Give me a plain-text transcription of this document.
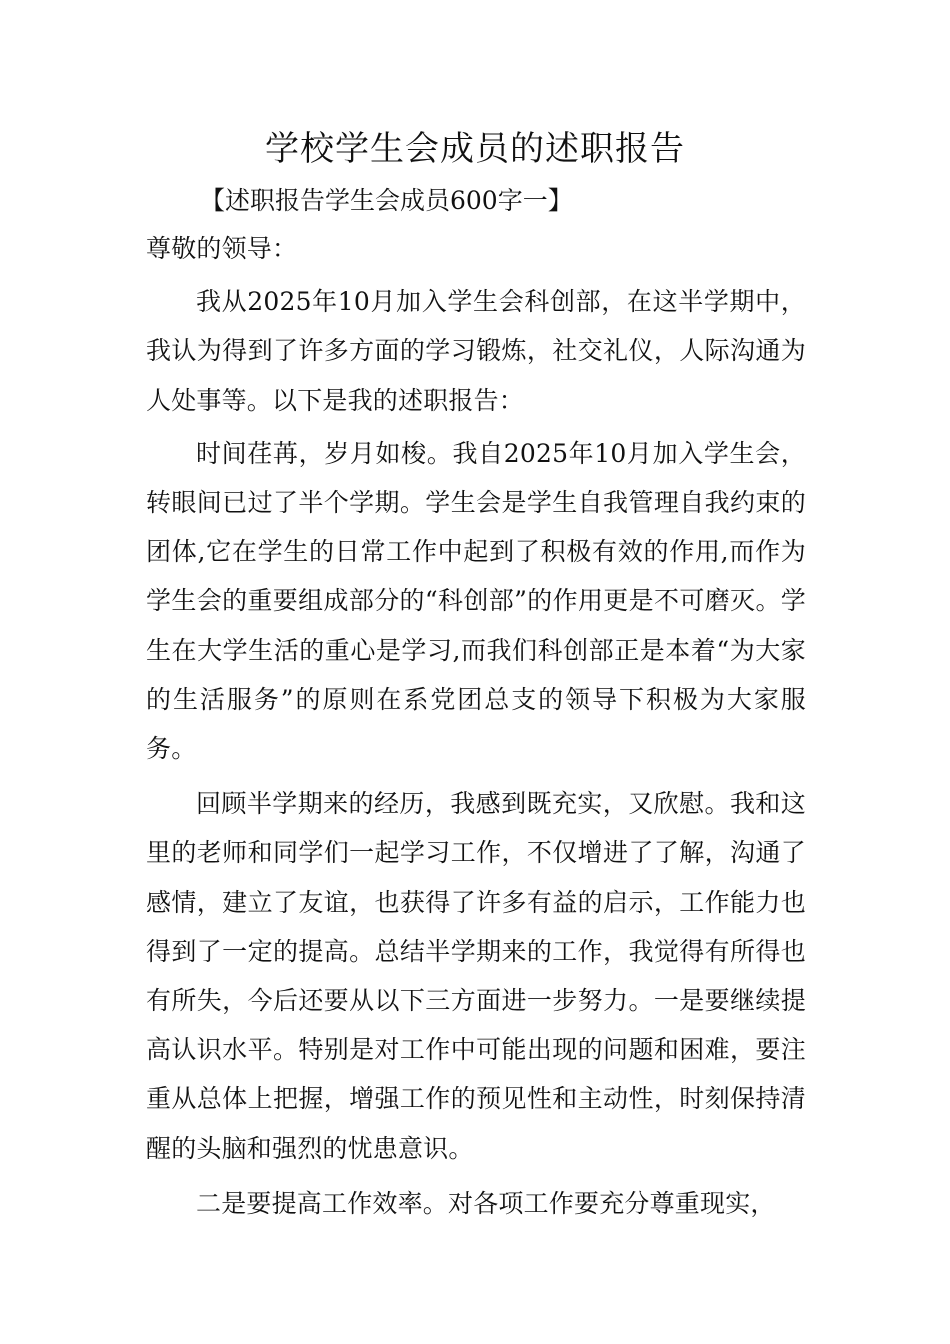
学校学生会成员的述职报告

【述职报告学生会成员600字一】

尊敬的领导：

我从2025年10月加入学生会科创部，在这半学期中，我认为得到了许多方面的学习锻炼，社交礼仪，人际沟通为人处事等。以下是我的述职报告：

时间荏苒，岁月如梭。我自2025年10月加入学生会，转眼间已过了半个学期。学生会是学生自我管理自我约束的团体,它在学生的日常工作中起到了积极有效的作用,而作为学生会的重要组成部分的“科创部”的作用更是不可磨灭。学生在大学生活的重心是学习,而我们科创部正是本着“为大家的生活服务”的原则在系党团总支的领导下积极为大家服务。

回顾半学期来的经历，我感到既充实，又欣慰。我和这里的老师和同学们一起学习工作，不仅增进了了解，沟通了感情，建立了友谊，也获得了许多有益的启示，工作能力也得到了一定的提高。总结半学期来的工作，我觉得有所得也有所失，今后还要从以下三方面进一步努力。一是要继续提高认识水平。特别是对工作中可能出现的问题和困难，要注重从总体上把握，增强工作的预见性和主动性，时刻保持清醒的头脑和强烈的忧患意识。

二是要提高工作效率。对各项工作要充分尊重现实，
